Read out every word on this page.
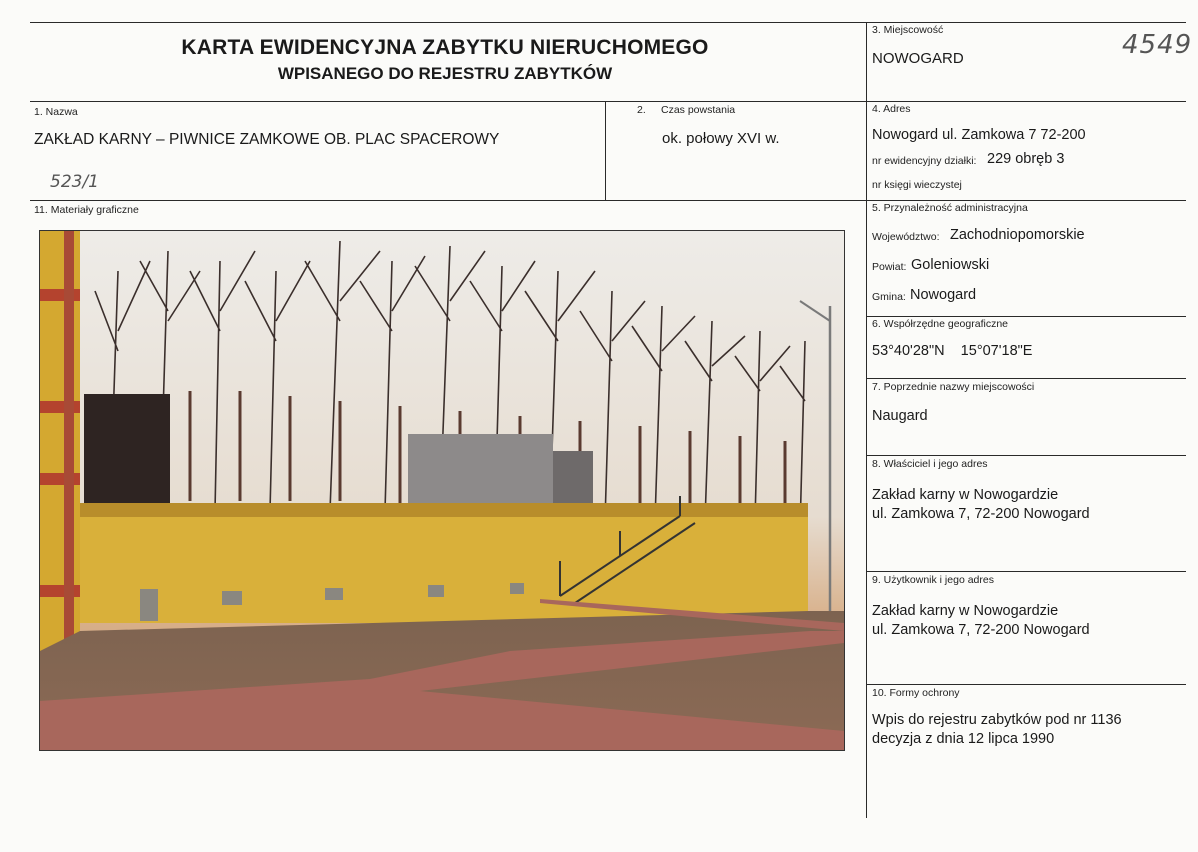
KARTA EWIDENCYJNA ZABYTKU NIERUCHOMEGO
WPISANEGO DO REJESTRU ZABYTKÓW
3. Miejscowość
NOWOGARD	4549
1. Nazwa
ZAKŁAD KARNY – PIWNICE ZAMKOWE OB. PLAC SPACEROWY
523/1
2. Czas powstania
ok. połowy XVI w.
4. Adres
Nowogard ul. Zamkowa 7 72-200
nr ewidencyjny działki: 229 obręb 3
nr księgi wieczystej
11. Materiały graficzne	5. Przynależność administracyjna
Województwo: Zachodniopomorskie
Powiat: Goleniowski
Gmina: Nowogard
6. Współrzędne geograficzne
53°40'28"N    15°07'18"E
7. Poprzednie nazwy miejscowości
Naugard
8. Właściciel i jego adres
Zakład karny w Nowogardzie
ul. Zamkowa 7, 72-200 Nowogard
9. Użytkownik i jego adres
Zakład karny w Nowogardzie
ul. Zamkowa 7, 72-200 Nowogard
10. Formy ochrony
Wpis do rejestru zabytków pod nr 1136
decyzja z dnia 12 lipca 1990
